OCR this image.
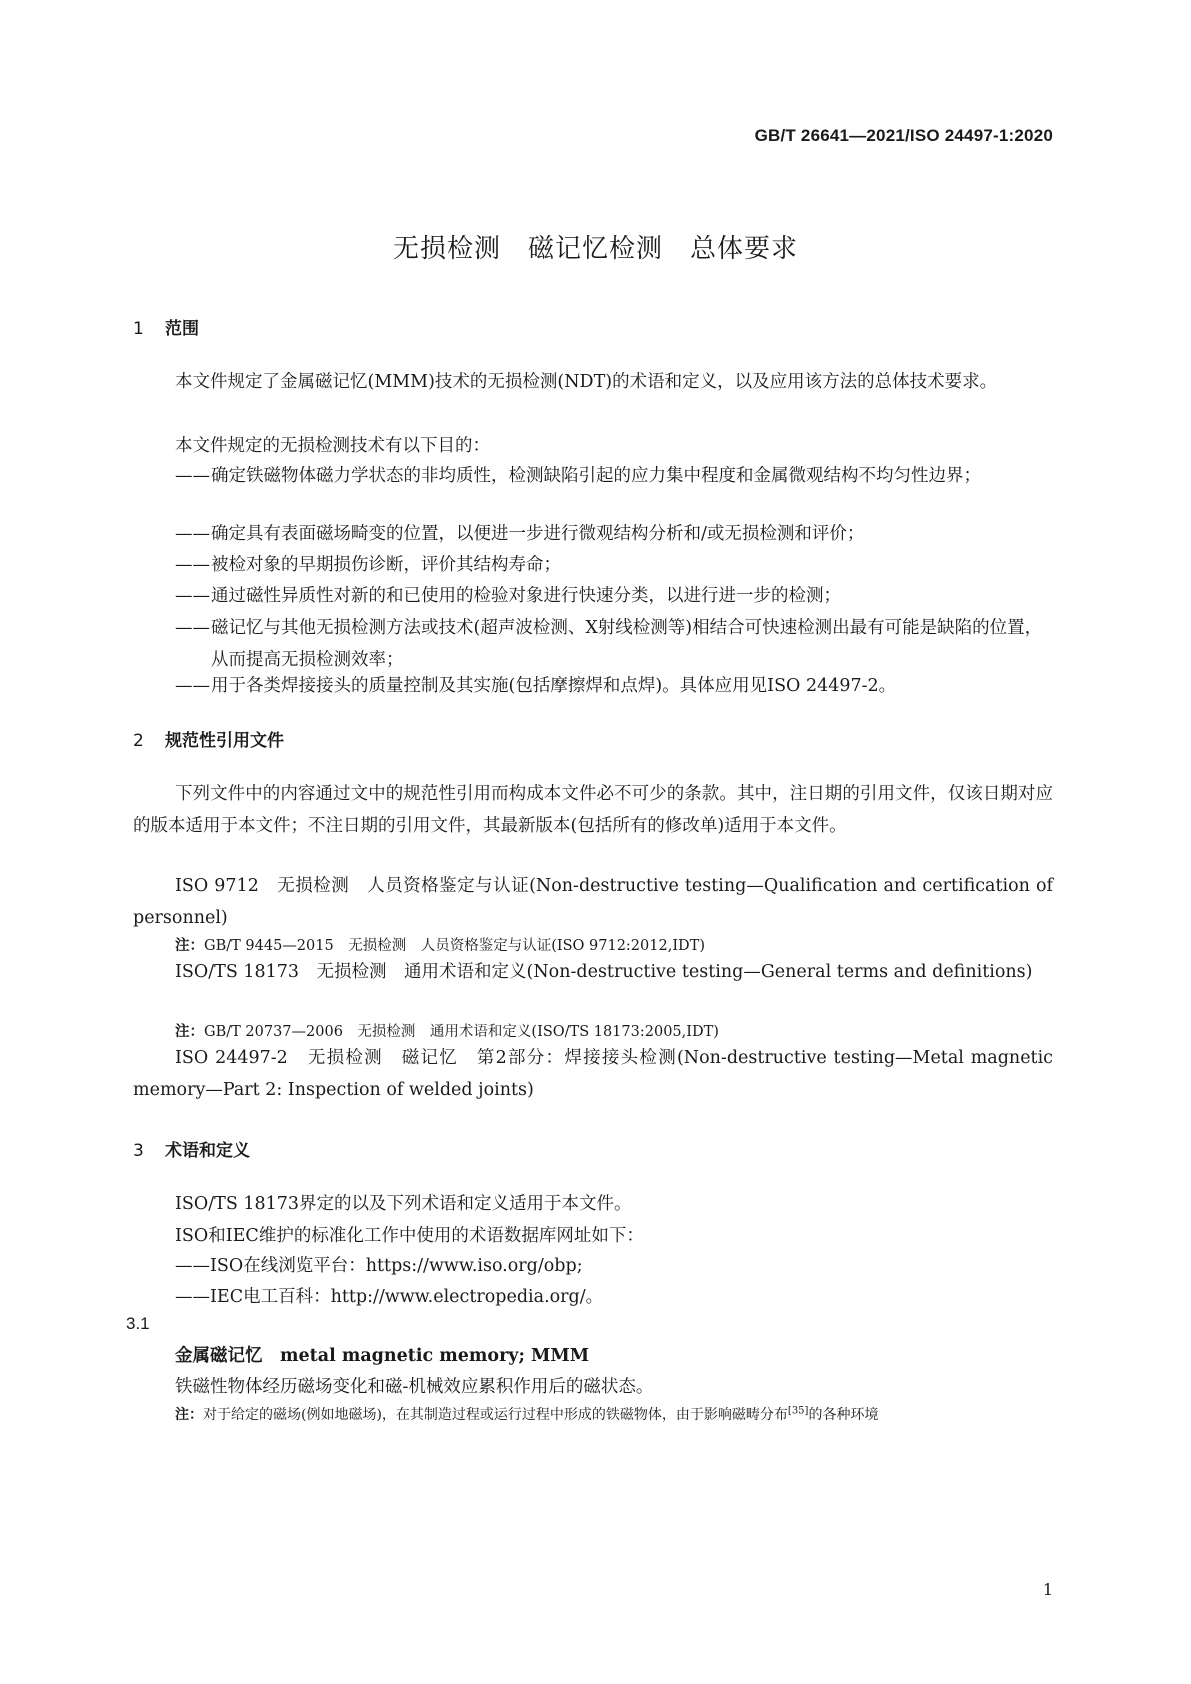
GB/T 26641—2021/ISO 24497-1:2020
无损检测　磁记忆检测　总体要求
1 范围
本文件规定了金属磁记忆(MMM)技术的无损检测(NDT)的术语和定义，以及应用该方法的总体技术要求。
本文件规定的无损检测技术有以下目的：
—— 确定铁磁物体磁力学状态的非均质性，检测缺陷引起的应力集中程度和金属微观结构不均匀性边界；
—— 确定具有表面磁场畸变的位置，以便进一步进行微观结构分析和/或无损检测和评价；
—— 被检对象的早期损伤诊断，评价其结构寿命；
—— 通过磁性异质性对新的和已使用的检验对象进行快速分类，以进行进一步的检测；
—— 磁记忆与其他无损检测方法或技术(超声波检测、X射线检测等)相结合可快速检测出最有可能是缺陷的位置，从而提高无损检测效率；
—— 用于各类焊接接头的质量控制及其实施(包括摩擦焊和点焊)。具体应用见ISO 24497-2。
2 规范性引用文件
下列文件中的内容通过文中的规范性引用而构成本文件必不可少的条款。其中，注日期的引用文件，仅该日期对应的版本适用于本文件；不注日期的引用文件，其最新版本(包括所有的修改单)适用于本文件。
ISO 9712　无损检测　人员资格鉴定与认证(Non-destructive testing—Qualification and certification of personnel)
注：GB/T 9445—2015　无损检测　人员资格鉴定与认证(ISO 9712:2012,IDT)
ISO/TS 18173　无损检测　通用术语和定义(Non-destructive testing—General terms and definitions)
注：GB/T 20737—2006　无损检测　通用术语和定义(ISO/TS 18173:2005,IDT)
ISO 24497-2　无损检测　磁记忆　第2部分：焊接接头检测(Non-destructive testing—Metal magnetic memory—Part 2: Inspection of welded joints)
3 术语和定义
ISO/TS 18173界定的以及下列术语和定义适用于本文件。
ISO和IEC维护的标准化工作中使用的术语数据库网址如下：
——ISO在线浏览平台：https://www.iso.org/obp;
——IEC电工百科：http://www.electropedia.org/。
3.1
金属磁记忆　metal magnetic memory; MMM
铁磁性物体经历磁场变化和磁-机械效应累积作用后的磁状态。
注：对于给定的磁场(例如地磁场)，在其制造过程或运行过程中形成的铁磁物体，由于影响磁畴分布[35]的各种环境
1
